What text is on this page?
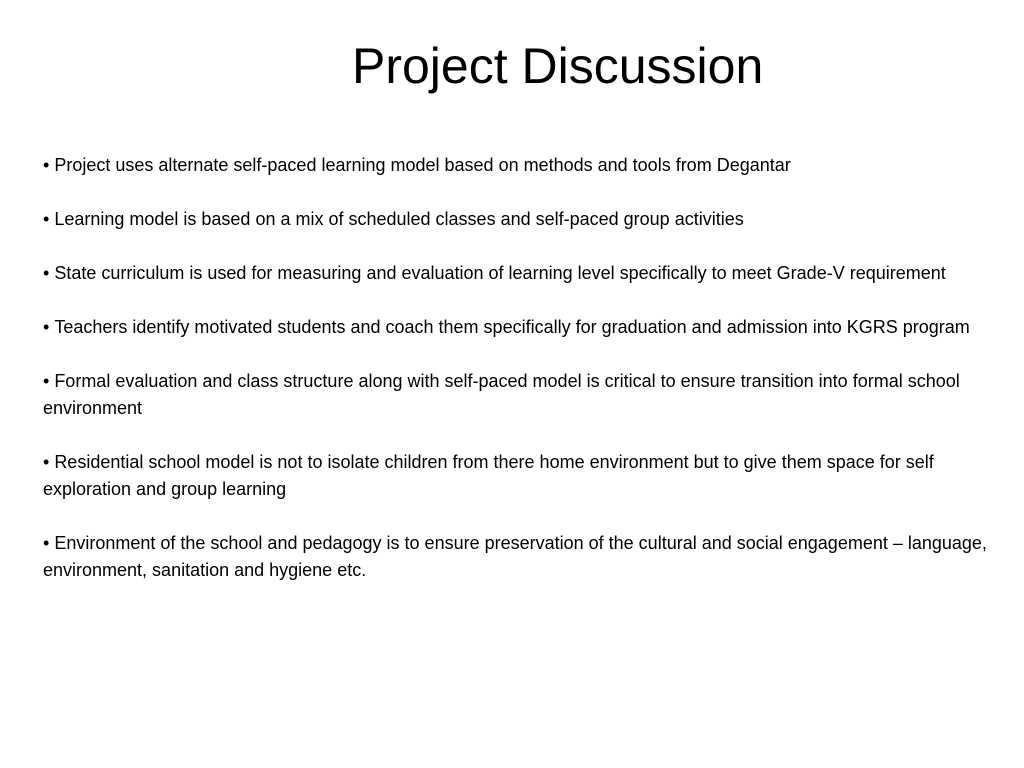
Project Discussion
• Project uses alternate self-paced learning model based on methods and tools from Degantar
• Learning model is based on a mix of scheduled classes and self-paced group activities
• State curriculum is used for measuring and evaluation of learning level specifically to meet Grade-V requirement
• Teachers identify motivated students and coach them specifically for graduation and admission into KGRS program
• Formal evaluation and class structure along with self-paced model is critical to ensure transition into formal school environment
• Residential school model is not to isolate children from there home environment but to give them space for self exploration and group learning
• Environment of the school and pedagogy is to ensure preservation of the cultural and social engagement – language, environment, sanitation and hygiene etc.
